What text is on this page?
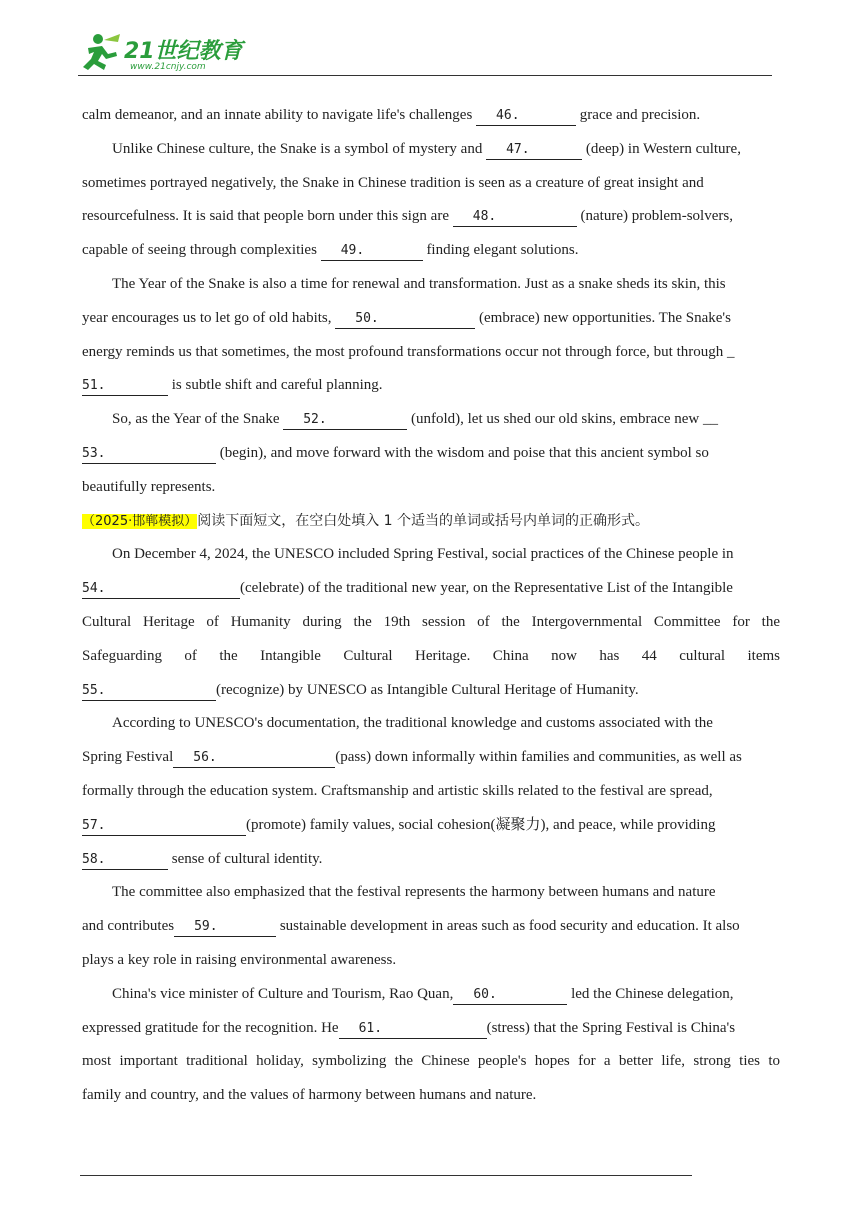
21世纪教育
www.21cnjy.com
calm demeanor, and an innate ability to navigate life's challenges 46.	grace and precision.
Unlike Chinese culture, the Snake is a symbol of mystery and 47.	(deep) in Western culture,
sometimes portrayed negatively, the Snake in Chinese tradition is seen as a creature of great insight and
resourcefulness. It is said that people born under this sign are 48.	(nature) problem-solvers,
capable of seeing through complexities 49.	finding elegant solutions.
The Year of the Snake is also a time for renewal and transformation. Just as a snake sheds its skin, this
year encourages us to let go of old habits, 50.	(embrace) new opportunities. The Snake's
energy reminds us that sometimes, the most profound transformations occur not through force, but through _
51.	is subtle shift and careful planning.
So, as the Year of the Snake 52.	(unfold), let us shed our old skins, embrace new __
53.	(begin), and move forward with the wisdom and poise that this ancient symbol so
beautifully represents.
（2025·邯郸模拟）阅读下面短文，在空白处填入 1 个适当的单词或括号内单词的正确形式。
On December 4, 2024, the UNESCO included Spring Festival, social practices of the Chinese people in
54.	(celebrate) of the traditional new year, on the Representative List of the Intangible
Cultural Heritage of Humanity during the 19th session of the Intergovernmental Committee for the
Safeguarding of the Intangible Cultural Heritage. China now has 44 cultural items
55.	(recognize) by UNESCO as Intangible Cultural Heritage of Humanity.
According to UNESCO's documentation, the traditional knowledge and customs associated with the
Spring Festival 56.	(pass) down informally within families and communities, as well as
formally through the education system. Craftsmanship and artistic skills related to the festival are spread,
57.	(promote) family values, social cohesion(凝聚力), and peace, while providing
58.	sense of cultural identity.
The committee also emphasized that the festival represents the harmony between humans and nature
and contributes 59.	sustainable development in areas such as food security and education. It also
plays a key role in raising environmental awareness.
China's vice minister of Culture and Tourism, Rao Quan, 60.	led the Chinese delegation,
expressed gratitude for the recognition. He 61.	(stress) that the Spring Festival is China's
most important traditional holiday, symbolizing the Chinese people's hopes for a better life, strong ties to
family and country, and the values of harmony between humans and nature.
